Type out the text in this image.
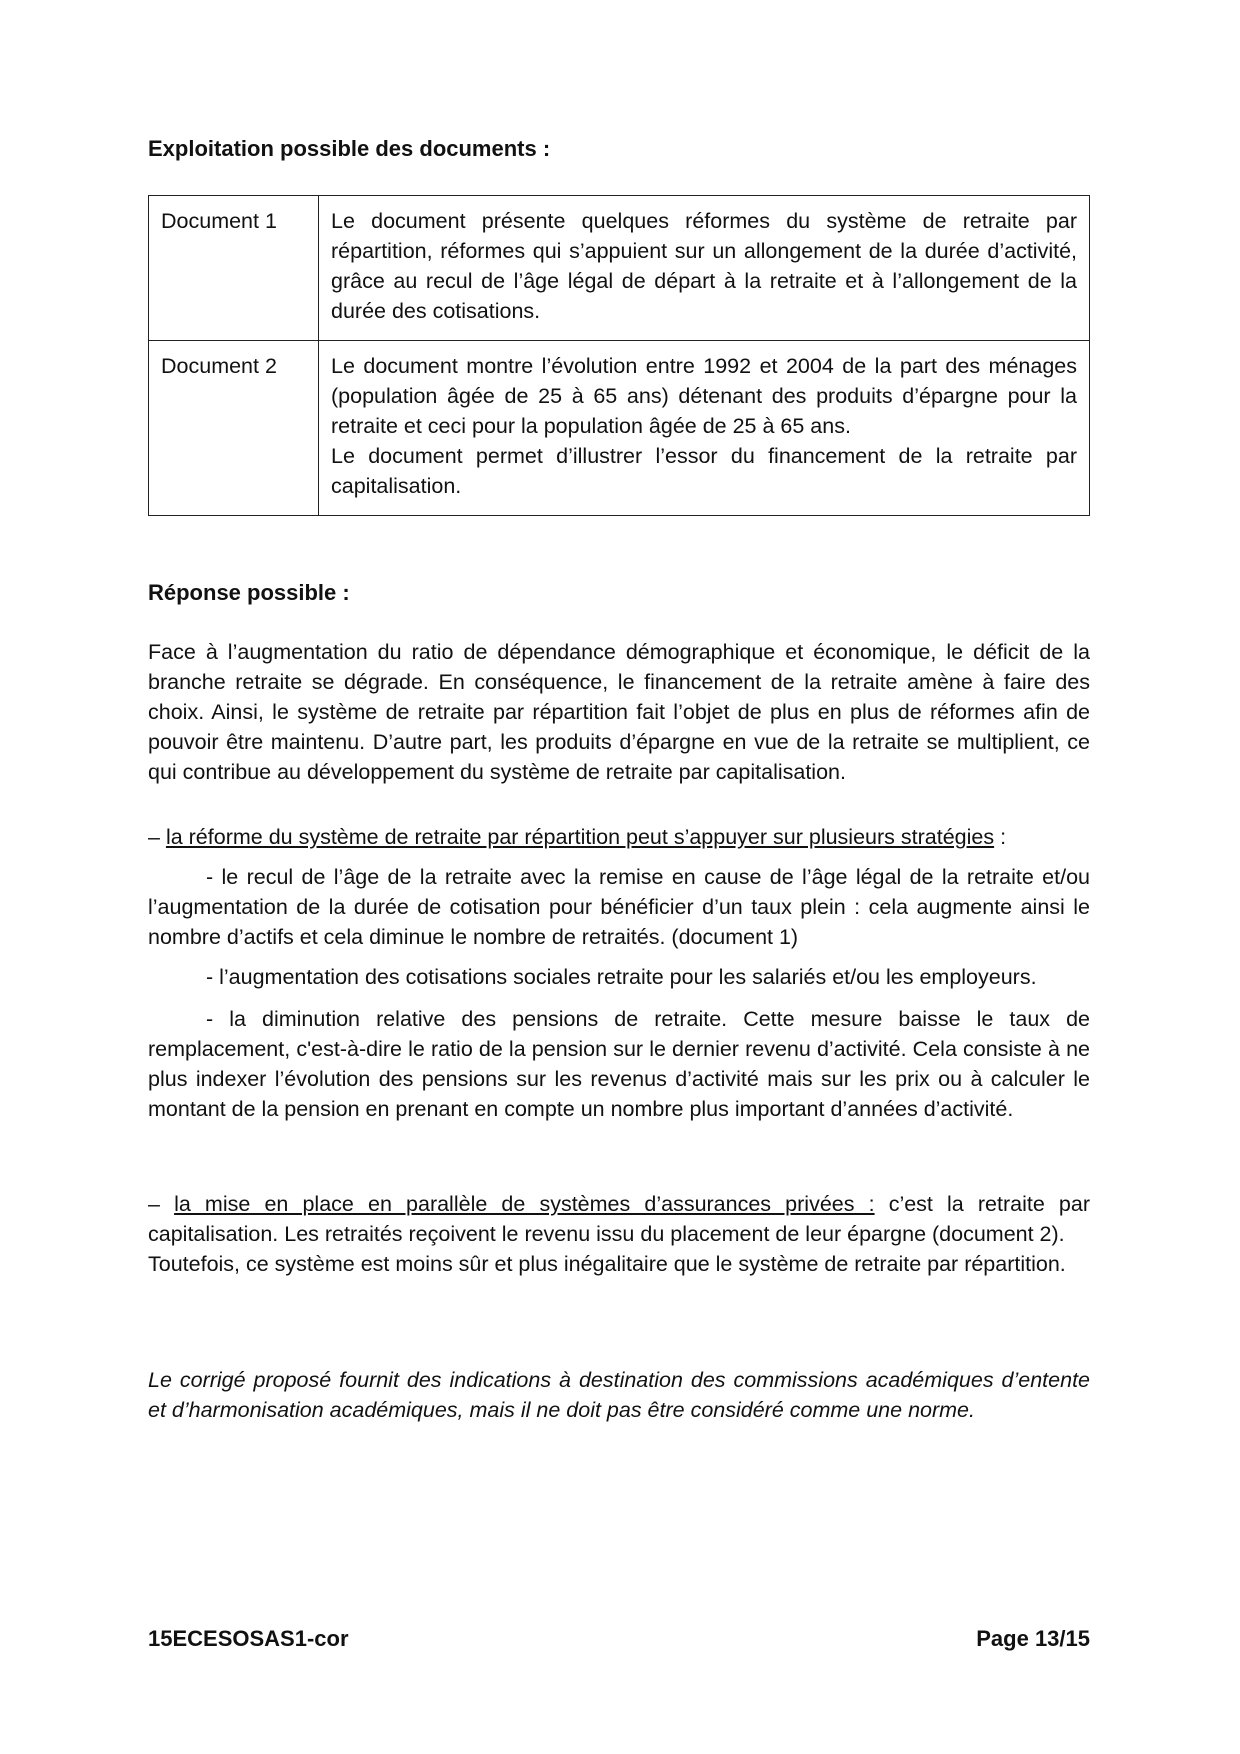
Exploitation possible des documents :

Document 1	Le document présente quelques réformes du système de retraite par répartition, réformes qui s’appuient sur un allongement de la durée d’activité, grâce au recul de l’âge légal de départ à la retraite et à l’allongement de la durée des cotisations.
Document 2	Le document montre l’évolution entre 1992 et 2004 de la part des ménages (population âgée de 25 à 65 ans) détenant des produits d’épargne pour la retraite et ceci pour la population âgée de 25 à 65 ans.
Le document permet d’illustrer l’essor du financement de la retraite par capitalisation.

Réponse possible :

Face à l’augmentation du ratio de dépendance démographique et économique, le déficit de la branche retraite se dégrade. En conséquence, le financement de la retraite amène à faire des choix. Ainsi, le système de retraite par répartition fait l’objet de plus en plus de réformes afin de pouvoir être maintenu. D’autre part, les produits d’épargne en vue de la retraite se multiplient, ce qui contribue au développement du système de retraite par capitalisation.

– la réforme du système de retraite par répartition peut s’appuyer sur plusieurs stratégies :

- le recul de l’âge de la retraite avec la remise en cause de l’âge légal de la retraite et/ou l’augmentation de la durée de cotisation pour bénéficier d’un taux plein : cela augmente ainsi le nombre d’actifs et cela diminue le nombre de retraités. (document 1)

- l’augmentation des cotisations sociales retraite pour les salariés et/ou les employeurs.

- la diminution relative des pensions de retraite. Cette mesure baisse le taux de remplacement, c'est-à-dire le ratio de la pension sur le dernier revenu d’activité. Cela consiste à ne plus indexer l’évolution des pensions sur les revenus d’activité mais sur les prix ou à calculer le montant de la pension en prenant en compte un nombre plus important d’années d’activité.

– la mise en place en parallèle de systèmes d’assurances privées : c’est la retraite par capitalisation. Les retraités reçoivent le revenu issu du placement de leur épargne (document 2).
Toutefois, ce système est moins sûr et plus inégalitaire que le système de retraite par répartition.

Le corrigé proposé fournit des indications à destination des commissions académiques d’entente et d’harmonisation académiques, mais il ne doit pas être considéré comme une norme.

15ECESOSAS1-cor	Page 13/15
